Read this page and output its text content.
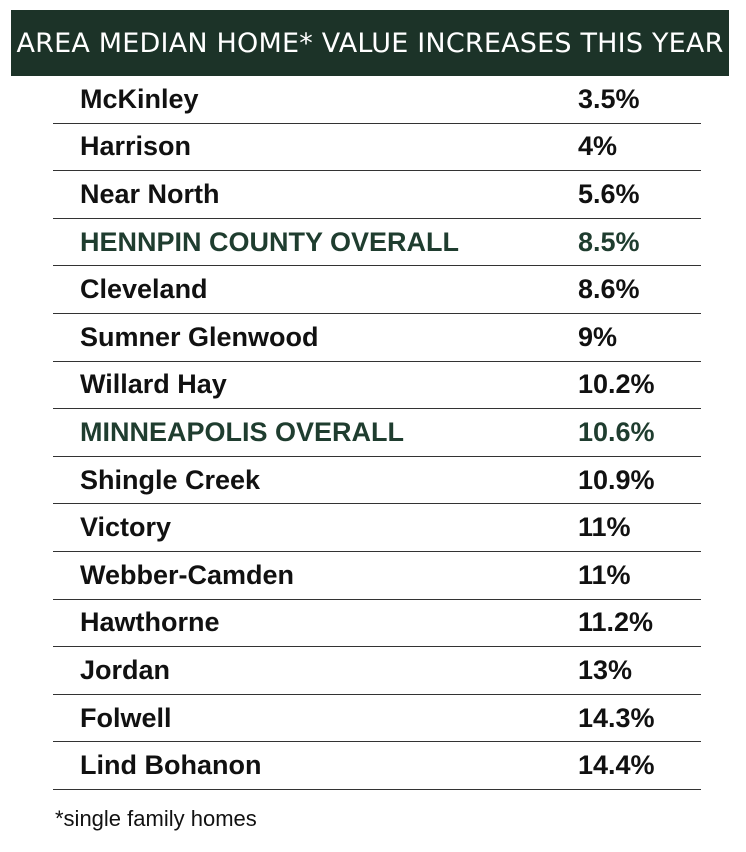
AREA MEDIAN HOME* VALUE INCREASES THIS YEAR
McKinley	3.5%
Harrison	4%
Near North	5.6%
HENNPIN COUNTY OVERALL	8.5%
Cleveland	8.6%
Sumner Glenwood	9%
Willard Hay	10.2%
MINNEAPOLIS OVERALL	10.6%
Shingle Creek	10.9%
Victory	11%
Webber-Camden	11%
Hawthorne	11.2%
Jordan	13%
Folwell	14.3%
Lind Bohanon	14.4%
*single family homes
